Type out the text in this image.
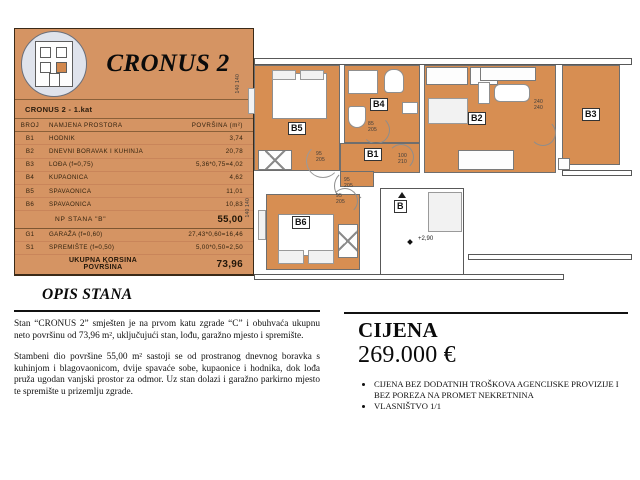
CRONUS 2
CRONUS 2 - 1.kat
BROJ	NAMJENA PROSTORA	POVRŠINA (m²)
B1	HODNIK	3,74
B2	DNEVNI BORAVAK I KUHINJA	20,78
B3	LOĐA (f=0,75)	5,36*0,75=4,02
B4	KUPAONICA	4,62
B5	SPAVAONICA	11,01
B6	SPAVAONICA	10,83
	NP STANA "B"	55,00
G1	GARAŽA (f=0,60)	27,43*0,60=16,46
S1	SPREMIŠTE (f=0,50)	5,00*0,50=2,50
	UKUPNA KORSINA POVRŠINA	73,96
OPIS STANA
Stan “CRONUS 2” smješten je na prvom katu zgrade “C” i obuhvaća ukupnu neto površinu od 73,96 m², uključujući stan, lođu, garažno mjesto i spremište.
Stambeni dio površine 55,00 m² sastoji se od prostranog dnevnog boravka s kuhinjom i blagovaonicom, dvije spavaće sobe, kupaonice i hodnika, dok lođa pruža ugodan vanjski prostor za odmor. Uz stan dolazi i garažno parkirno mjesto te spremište u prizemlju zgrade.
CIJENA
269.000 €
• CIJENA BEZ DODATNIH TROŠKOVA AGENCIJSKE PROVIZIJE I BEZ POREZA NA PROMET NEKRETNINA
• VLASNIŠTVO 1/1
B5
140 140
95
205
B4
85
205
B1
95
205
100
210
B2
240
240
B3
B6
140 140
95
205	B
+2,90
